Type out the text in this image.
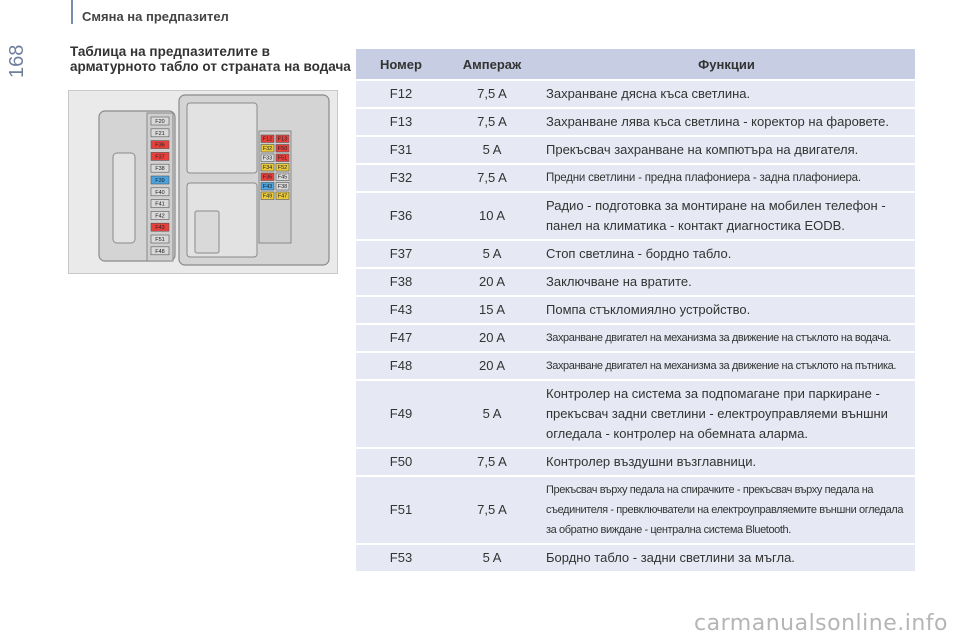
Смяна на предпазител
168	Таблица на предпазителите в арматурното табло от страната на водача
F20
F21
F36
F37
F38
F39
F40
F41
F42
F43
F51
F48
F12
F32
F33
F34
F36
F43
F49
F13
F50
F51
F52
F45
F38
F47
Номер	Ампераж	Функции
F12	7,5 A	Захранване дясна къса светлина.
F13	7,5 A	Захранване лява къса светлина - коректор на фаровете.
F31	5 A	Прекъсвач захранване на компютъра на двигателя.
F32	7,5 A	Предни светлини - предна плафониера - задна плафониера.
F36	10 A	Радио - подготовка за монтиране на мобилен телефон - панел на климатика - контакт диагностика EODB.
F37	5 A	Стоп светлина - бордно табло.
F38	20 A	Заключване на вратите.
F43	15 A	Помпа стъкломиялно устройство.
F47	20 A	Захранване двигател на механизма за движение на стъклото на водача.
F48	20 A	Захранване двигател на механизма за движение на стъклото на пътника.
F49	5 A	Контролер на система за подпомагане при паркиране - прекъсвач задни светлини - електроуправляеми външни огледала - контролер на обемната аларма.
F50	7,5 A	Контролер въздушни възглавници.
F51	7,5 A	Прекъсвач върху педала на спирачките - прекъсвач върху педала на съединителя - превключватели на електроуправляемите външни огледала за обратно виждане - централна система Bluetooth.
F53	5 A	Бордно табло - задни светлини за мъгла.
carmanualsonline.info
